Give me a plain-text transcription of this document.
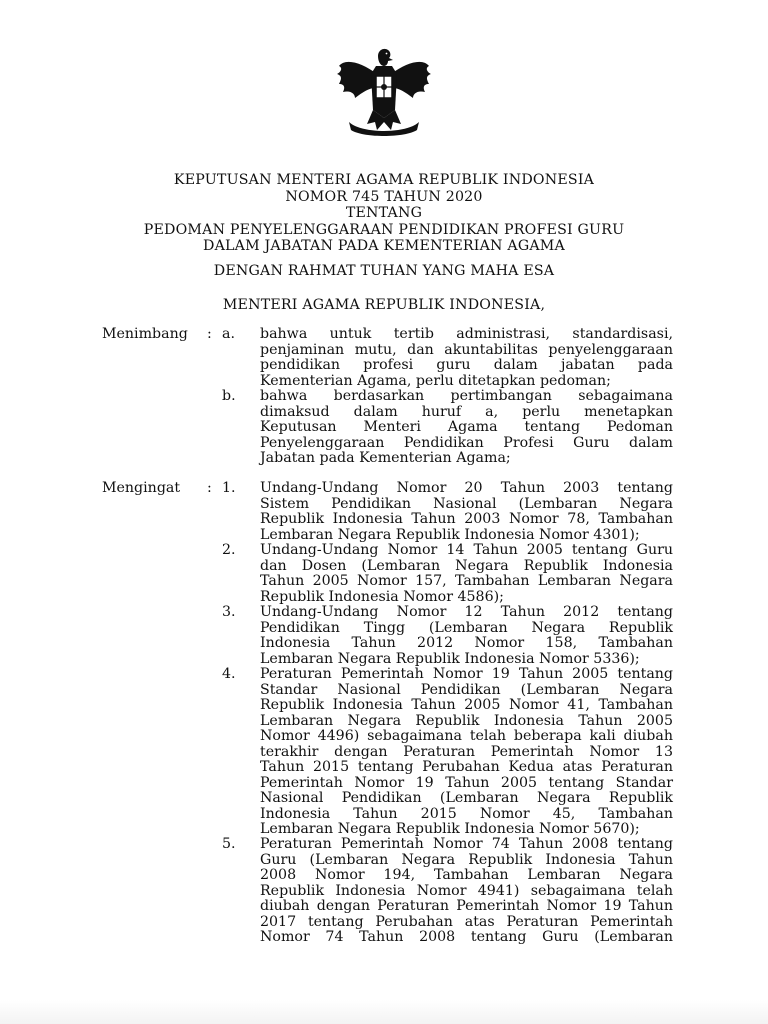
KEPUTUSAN MENTERI AGAMA REPUBLIK INDONESIA
NOMOR 745 TAHUN 2020
TENTANG
PEDOMAN PENYELENGGARAAN PENDIDIKAN PROFESI GURU
DALAM JABATAN PADA KEMENTERIAN AGAMA
DENGAN RAHMAT TUHAN YANG MAHA ESA
MENTERI AGAMA REPUBLIK INDONESIA,
Menimbang : a. bahwa untuk tertib administrasi, standardisasi,
penjaminan mutu, dan akuntabilitas penyelenggaraan
pendidikan profesi guru dalam jabatan pada
Kementerian Agama, perlu ditetapkan pedoman;
b. bahwa berdasarkan pertimbangan sebagaimana
dimaksud dalam huruf a, perlu menetapkan
Keputusan Menteri Agama tentang Pedoman
Penyelenggaraan Pendidikan Profesi Guru dalam
Jabatan pada Kementerian Agama;
Mengingat : 1. Undang-Undang Nomor 20 Tahun 2003 tentang
Sistem Pendidikan Nasional (Lembaran Negara
Republik Indonesia Tahun 2003 Nomor 78, Tambahan
Lembaran Negara Republik Indonesia Nomor 4301);
2. Undang-Undang Nomor 14 Tahun 2005 tentang Guru
dan Dosen (Lembaran Negara Republik Indonesia
Tahun 2005 Nomor 157, Tambahan Lembaran Negara
Republik Indonesia Nomor 4586);
3. Undang-Undang Nomor 12 Tahun 2012 tentang
Pendidikan Tingg (Lembaran Negara Republik
Indonesia Tahun 2012 Nomor 158, Tambahan
Lembaran Negara Republik Indonesia Nomor 5336);
4. Peraturan Pemerintah Nomor 19 Tahun 2005 tentang
Standar Nasional Pendidikan (Lembaran Negara
Republik Indonesia Tahun 2005 Nomor 41, Tambahan
Lembaran Negara Republik Indonesia Tahun 2005
Nomor 4496) sebagaimana telah beberapa kali diubah
terakhir dengan Peraturan Pemerintah Nomor 13
Tahun 2015 tentang Perubahan Kedua atas Peraturan
Pemerintah Nomor 19 Tahun 2005 tentang Standar
Nasional Pendidikan (Lembaran Negara Republik
Indonesia Tahun 2015 Nomor 45, Tambahan
Lembaran Negara Republik Indonesia Nomor 5670);
5. Peraturan Pemerintah Nomor 74 Tahun 2008 tentang
Guru (Lembaran Negara Republik Indonesia Tahun
2008 Nomor 194, Tambahan Lembaran Negara
Republik Indonesia Nomor 4941) sebagaimana telah
diubah dengan Peraturan Pemerintah Nomor 19 Tahun
2017 tentang Perubahan atas Peraturan Pemerintah
Nomor 74 Tahun 2008 tentang Guru (Lembaran
